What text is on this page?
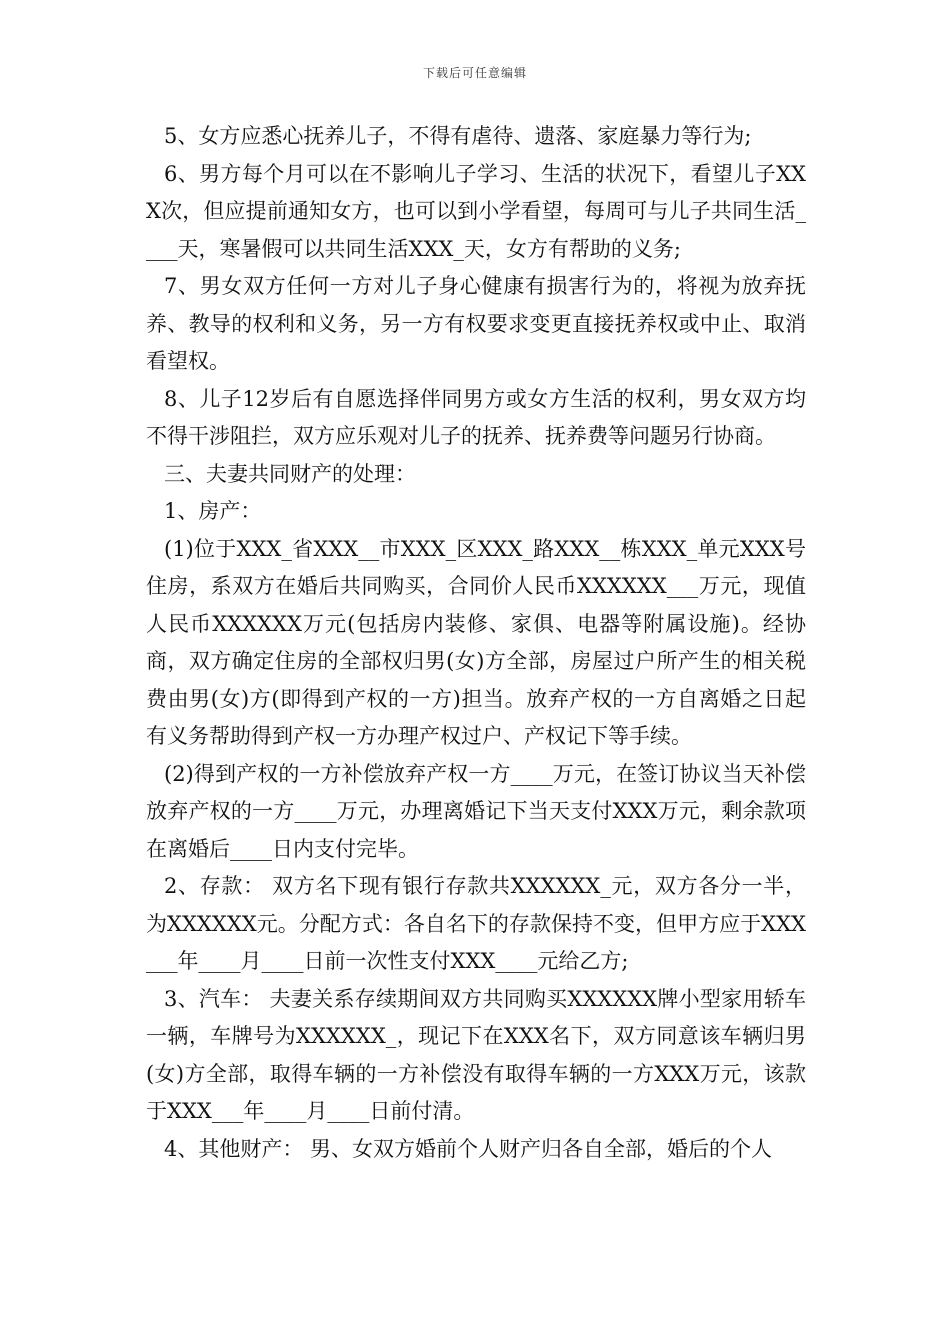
下载后可任意编辑

5、女方应悉心抚养儿子，不得有虐待、遗落、家庭暴力等行为;

6、男方每个月可以在不影响儿子学习、生活的状况下，看望儿子XXX次，但应提前通知女方，也可以到小学看望，每周可与儿子共同生活____天，寒暑假可以共同生活XXX_天，女方有帮助的义务;

7、男女双方任何一方对儿子身心健康有损害行为的，将视为放弃抚养、教导的权利和义务，另一方有权要求变更直接抚养权或中止、取消看望权。

8、儿子12岁后有自愿选择伴同男方或女方生活的权利，男女双方均不得干涉阻拦，双方应乐观对儿子的抚养、抚养费等问题另行协商。

三、夫妻共同财产的处理：

1、房产：

(1)位于XXX_省XXX__市XXX_区XXX_路XXX__栋XXX_单元XXX号住房，系双方在婚后共同购买，合同价人民币XXXXXX___万元，现值人民币XXXXXX万元(包括房内装修、家俱、电器等附属设施)。经协商，双方确定住房的全部权归男(女)方全部，房屋过户所产生的相关税费由男(女)方(即得到产权的一方)担当。放弃产权的一方自离婚之日起有义务帮助得到产权一方办理产权过户、产权记下等手续。

(2)得到产权的一方补偿放弃产权一方____万元，在签订协议当天补偿放弃产权的一方____万元，办理离婚记下当天支付XXX万元，剩余款项在离婚后____日内支付完毕。

2、存款： 双方名下现有银行存款共XXXXXX_元，双方各分一半，为XXXXXX元。分配方式：各自名下的存款保持不变，但甲方应于XXX___年____月____日前一次性支付XXX____元给乙方;

3、汽车： 夫妻关系存续期间双方共同购买XXXXXX牌小型家用轿车一辆，车牌号为XXXXXX_，现记下在XXX名下，双方同意该车辆归男(女)方全部，取得车辆的一方补偿没有取得车辆的一方XXX万元，该款于XXX___年____月____日前付清。

4、其他财产： 男、女双方婚前个人财产归各自全部，婚后的个人
